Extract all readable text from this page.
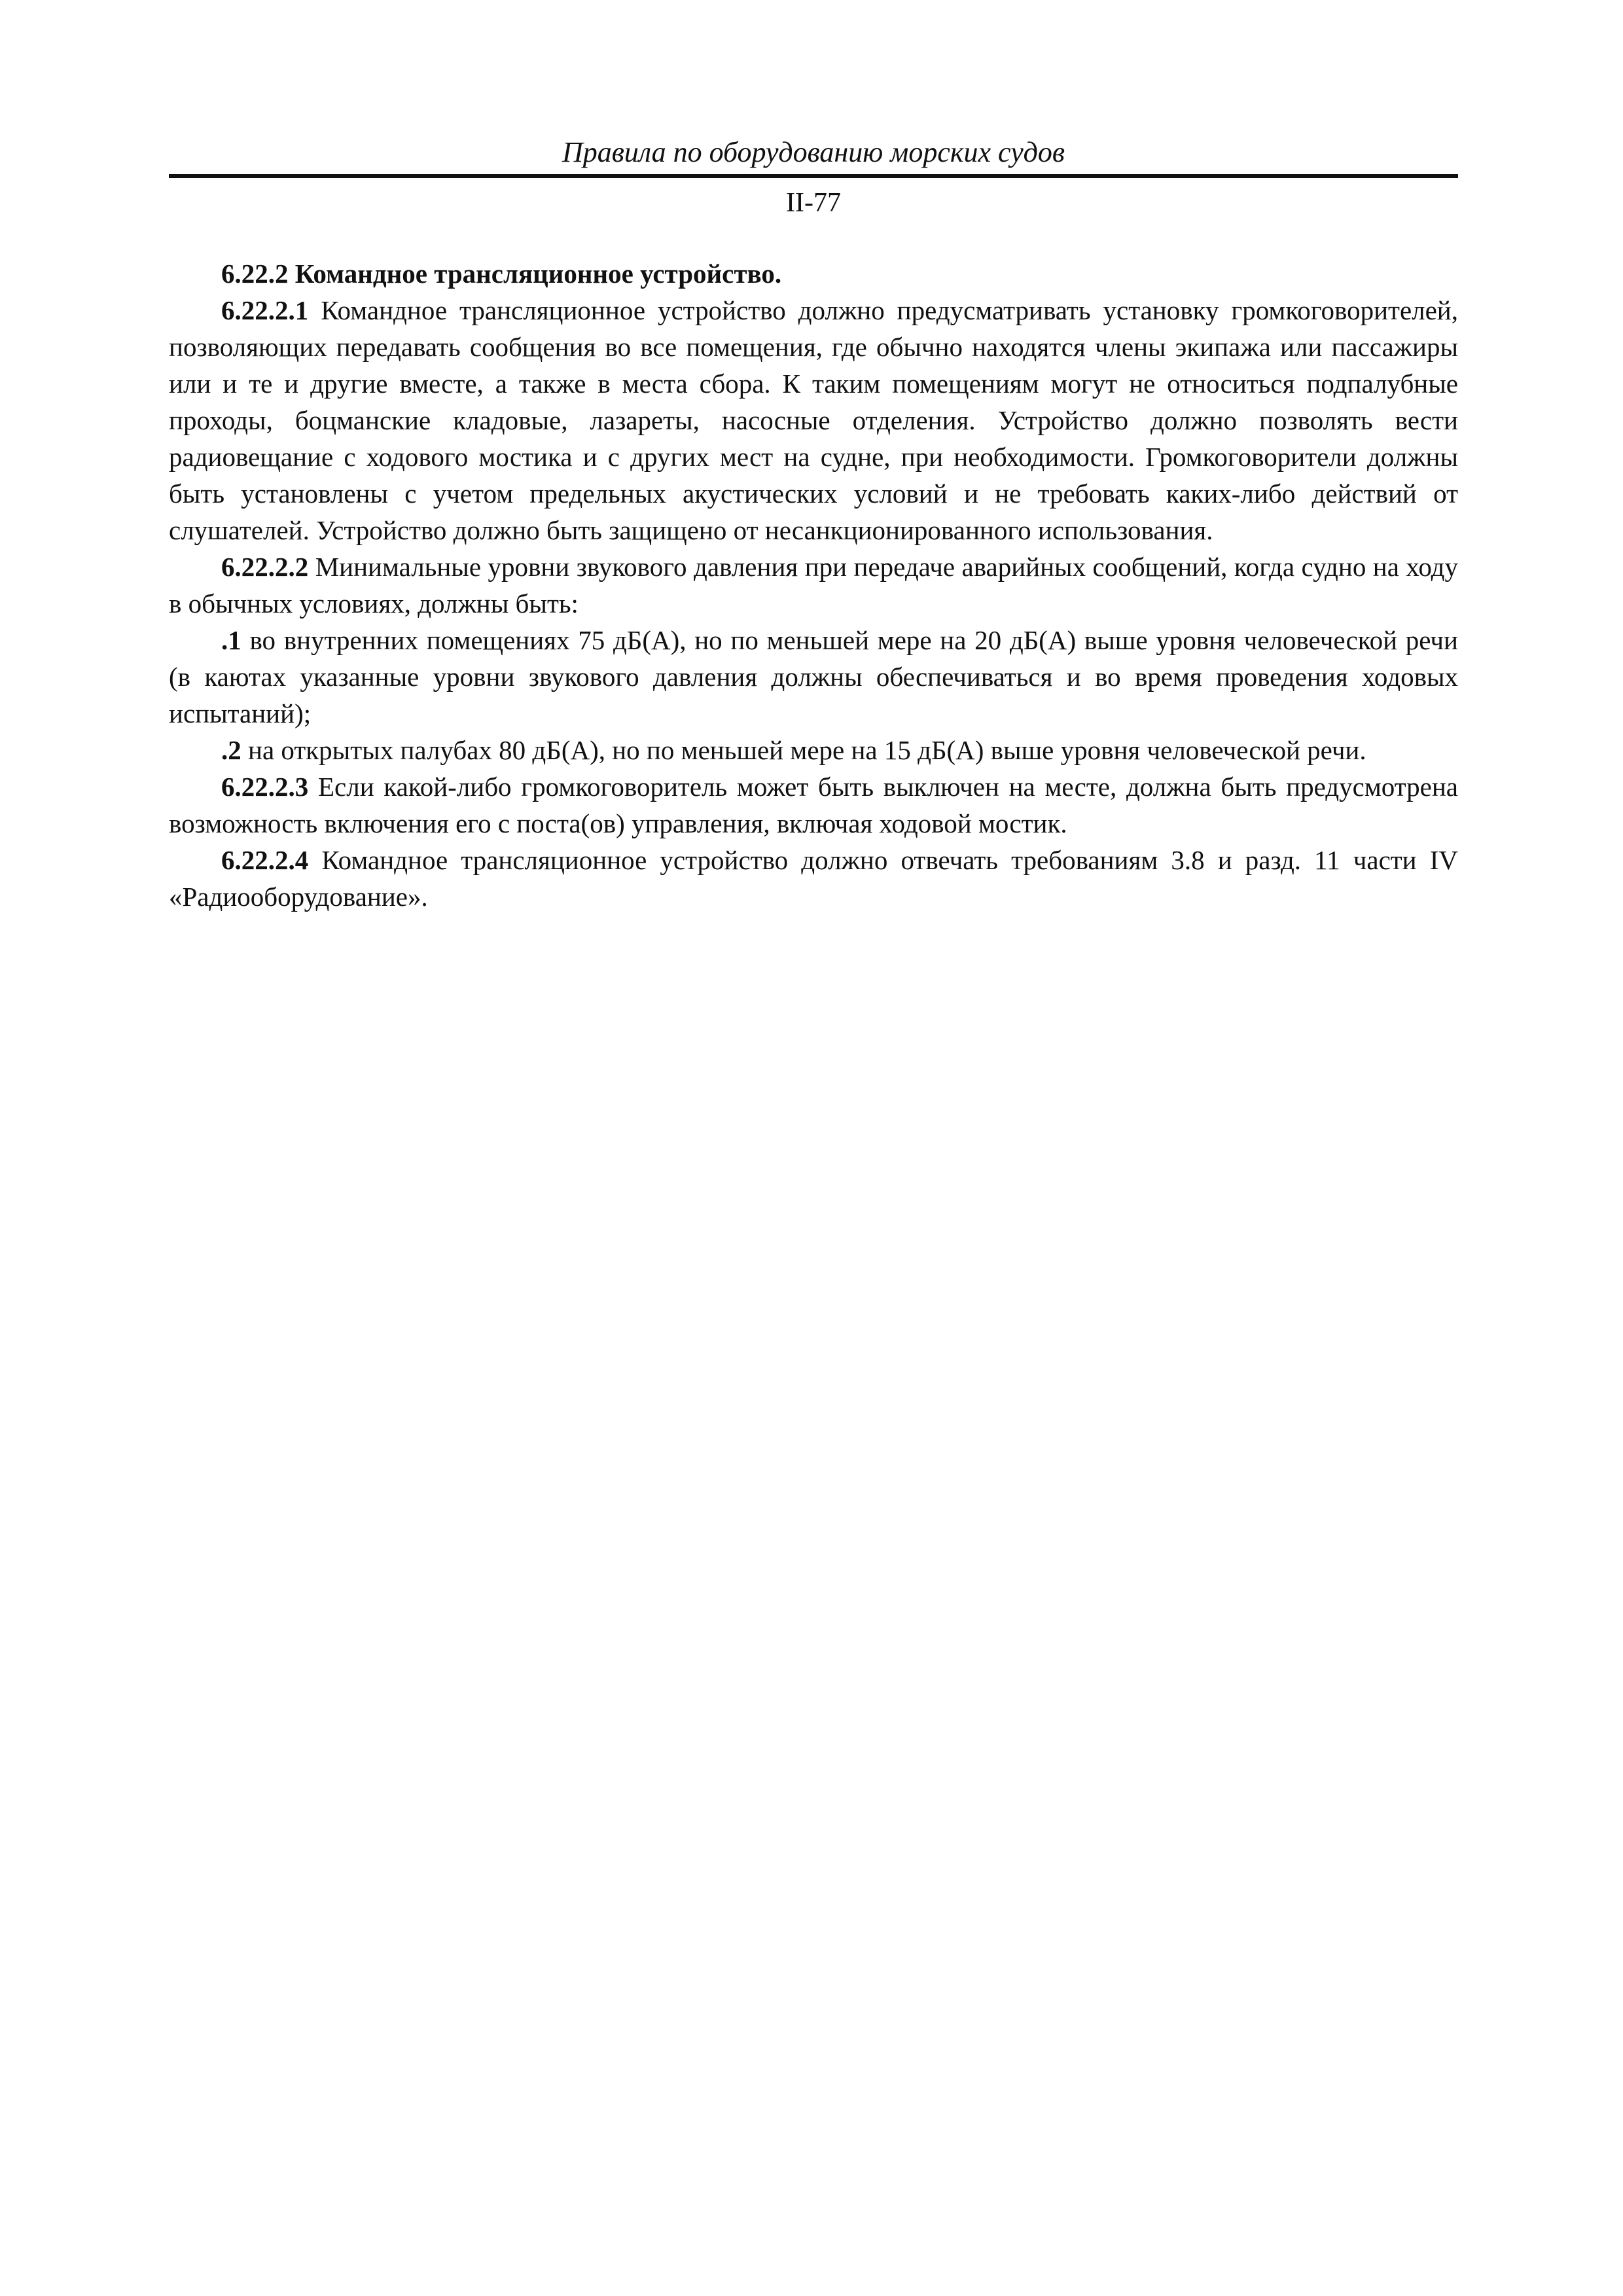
Правила по оборудованию морских судов
II-77

6.22.2 Командное трансляционное устройство.

6.22.2.1 Командное трансляционное устройство должно предусматривать установку громкоговорителей, позволяющих передавать сообщения во все помещения, где обычно находятся члены экипажа или пассажиры или и те и другие вместе, а также в места сбора. К таким помещениям могут не относиться подпалубные проходы, боцманские кладовые, лазареты, насосные отделения. Устройство должно позволять вести радиовещание с ходового мостика и с других мест на судне, при необходимости. Громкоговорители должны быть установлены с учетом предельных акустических условий и не требовать каких-либо действий от слушателей. Устройство должно быть защищено от несанкционированного использования.

6.22.2.2 Минимальные уровни звукового давления при передаче аварийных сообщений, когда судно на ходу в обычных условиях, должны быть:

.1 во внутренних помещениях 75 дБ(А), но по меньшей мере на 20 дБ(А) выше уровня человеческой речи (в каютах указанные уровни звукового давления должны обеспечиваться и во время проведения ходовых испытаний);

.2 на открытых палубах 80 дБ(А), но по меньшей мере на 15 дБ(А) выше уровня человеческой речи.

6.22.2.3 Если какой-либо громкоговоритель может быть выключен на месте, должна быть предусмотрена возможность включения его с поста(ов) управления, включая ходовой мостик.

6.22.2.4 Командное трансляционное устройство должно отвечать требованиям 3.8 и разд. 11 части IV «Радиооборудование».
